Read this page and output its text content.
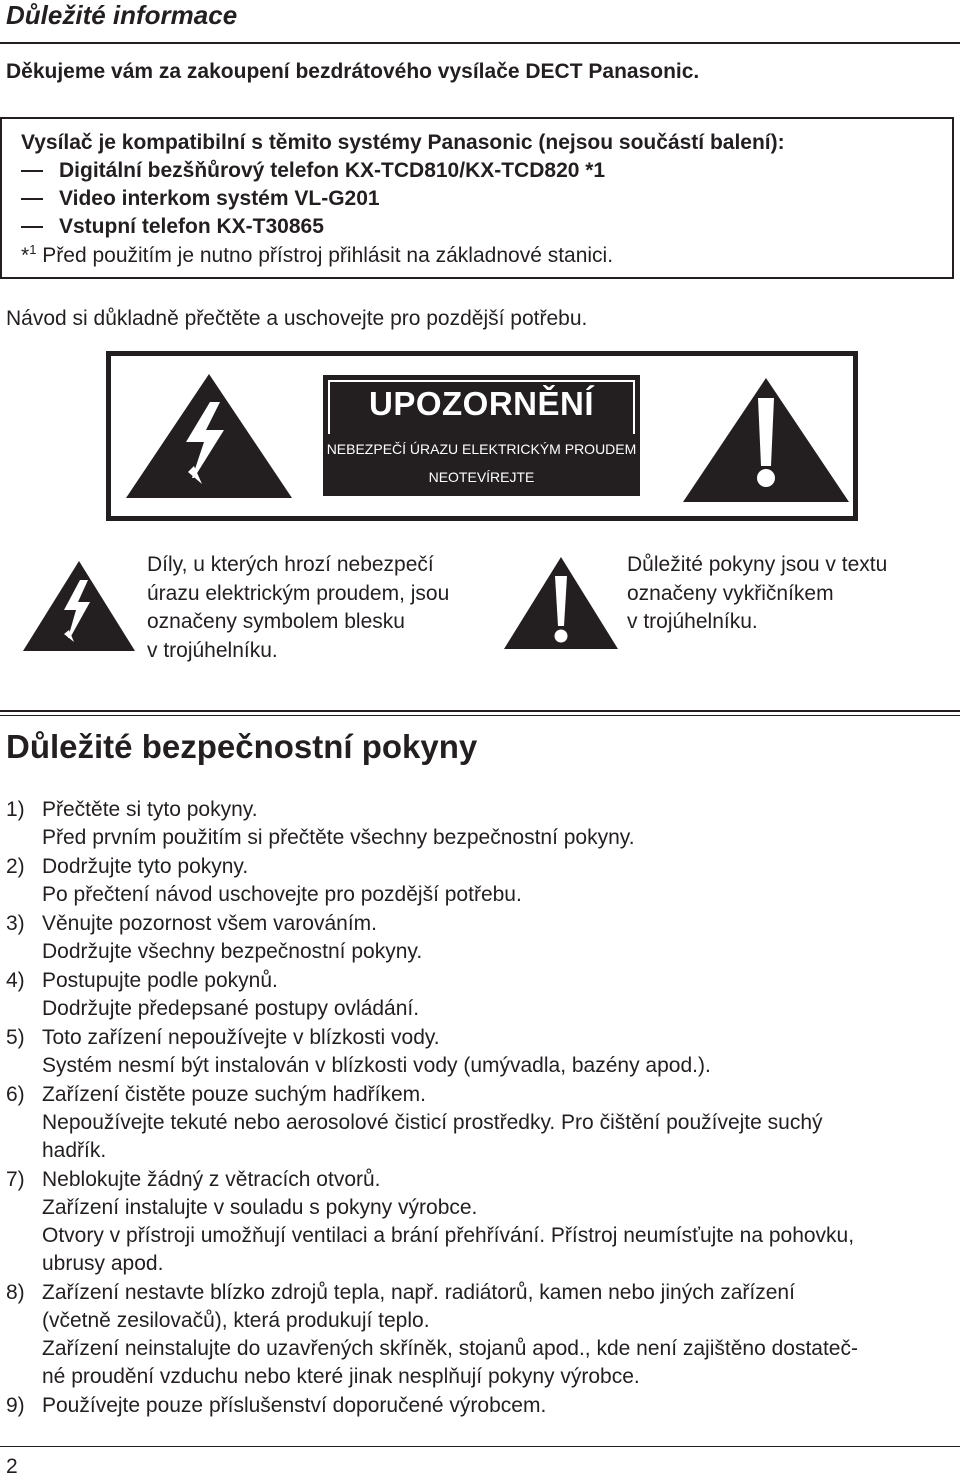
Důležité informace

Děkujeme vám za zakoupení bezdrátového vysílače DECT Panasonic.

Vysílač je kompatibilní s těmito systémy Panasonic (nejsou součástí balení):

Digitální bezšňůrový telefon KX-TCD810/KX-TCD820 *1
Video interkom systém VL-G201
Vstupní telefon KX-T30865

*$^1$ Před použitím je nutno přístroj přihlásit na základnové stanici.

Návod si důkladně přečtěte a uschovejte pro pozdější potřebu.

UPOZORNĚNÍ

NEBEZPEČÍ ÚRAZU ELEKTRICKÝM PROUDEM

NEOTEVÍREJTE

Díly, u kterých hrozí nebezpečí

úrazu elektrickým proudem, jsou

označeny symbolem blesku

v trojúhelníku.

Důležité pokyny jsou v textu

označeny vykřičníkem

v trojúhelníku.

Důležité bezpečnostní pokyny

1) Přečtěte si tyto pokyny.

Před prvním použitím si přečtěte všechny bezpečnostní pokyny.

2) Dodržujte tyto pokyny.

Po přečtení návod uschovejte pro pozdější potřebu.

3) Věnujte pozornost všem varováním.

Dodržujte všechny bezpečnostní pokyny.

4) Postupujte podle pokynů.

Dodržujte předepsané postupy ovládání.

5) Toto zařízení nepoužívejte v blízkosti vody.

Systém nesmí být instalován v blízkosti vody (umývadla, bazény apod.).

6) Zařízení čistěte pouze suchým hadříkem.

Nepoužívejte tekuté nebo aerosolové čisticí prostředky. Pro čištění používejte suchý

hadřík.

7) Neblokujte žádný z větracích otvorů.

Zařízení instalujte v souladu s pokyny výrobce.

Otvory v přístroji umožňují ventilaci a brání přehřívání. Přístroj neumísťujte na pohovku,

ubrusy apod.

8) Zařízení nestavte blízko zdrojů tepla, např. radiátorů, kamen nebo jiných zařízení

(včetně zesilovačů), která produkují teplo.

Zařízení neinstalujte do uzavřených skříněk, stojanů apod., kde není zajištěno dostateč-

né proudění vzduchu nebo které jinak nesplňují pokyny výrobce.

9) Používejte pouze příslušenství doporučené výrobcem.

2
